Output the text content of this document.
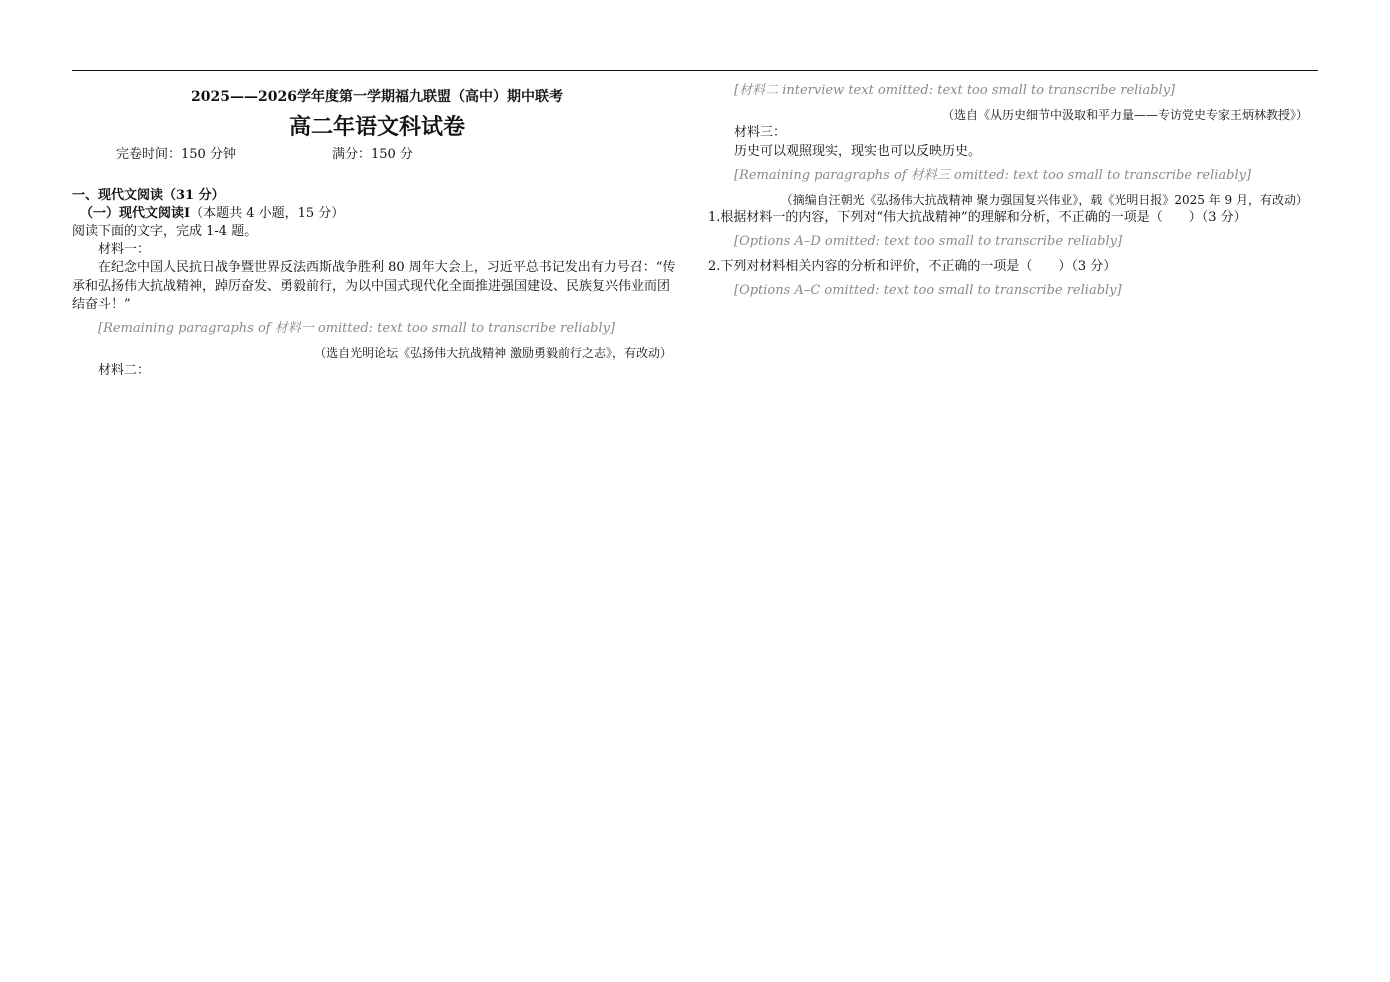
2025——2026学年度第一学期福九联盟（高中）期中联考
高二年语文科试卷
完卷时间：150 分钟	满分：150 分
一、现代文阅读（31 分）
（一）现代文阅读Ⅰ（本题共 4 小题，15 分）
阅读下面的文字，完成 1-4 题。
材料一：
在纪念中国人民抗日战争暨世界反法西斯战争胜利 80 周年大会上，习近平总书记发出有力号召：“传承和弘扬伟大抗战精神，踔厉奋发、勇毅前行，为以中国式现代化全面推进强国建设、民族复兴伟业而团结奋斗！”
[Remaining paragraphs of 材料一 omitted: text too small to transcribe reliably]
（选自光明论坛《弘扬伟大抗战精神 激励勇毅前行之志》，有改动）
材料二：
[材料二 interview text omitted: text too small to transcribe reliably]
（选自《从历史细节中汲取和平力量——专访党史专家王炳林教授》）
材料三：
历史可以观照现实，现实也可以反映历史。
[Remaining paragraphs of 材料三 omitted: text too small to transcribe reliably]
（摘编自汪朝光《弘扬伟大抗战精神 聚力强国复兴伟业》，载《光明日报》2025 年 9 月，有改动）
1.根据材料一的内容，下列对“伟大抗战精神”的理解和分析，不正确的一项是（　　）（3 分）
[Options A–D omitted: text too small to transcribe reliably]
2.下列对材料相关内容的分析和评价，不正确的一项是（　　）（3 分）
[Options A–C omitted: text too small to transcribe reliably]
